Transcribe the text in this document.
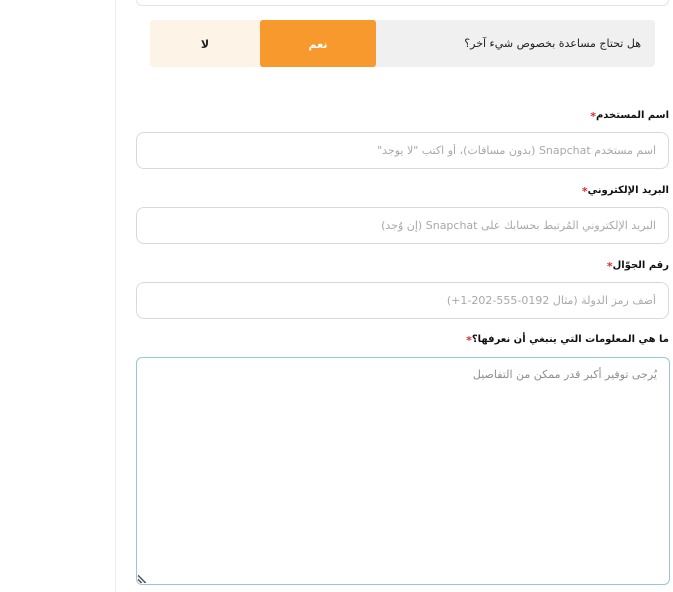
هل تحتاج مساعدة بخصوص شيء آخر؟
نعم
لا
اسم المستخدم*
اسم مستخدم Snapchat (بدون مسافات)، أو اكتب "لا يوجد"
البريد الإلكتروني*
البريد الإلكتروني المُرتبط بحسابك على Snapchat (إن وُجد)
رقم الجوّال*
أضف رمز الدولة (مثال 0192-555-202-1+)
ما هي المعلومات التي ينبغي أن نعرفها؟*
يُرجى توفير أكبر قدر ممكن من التفاصيل
